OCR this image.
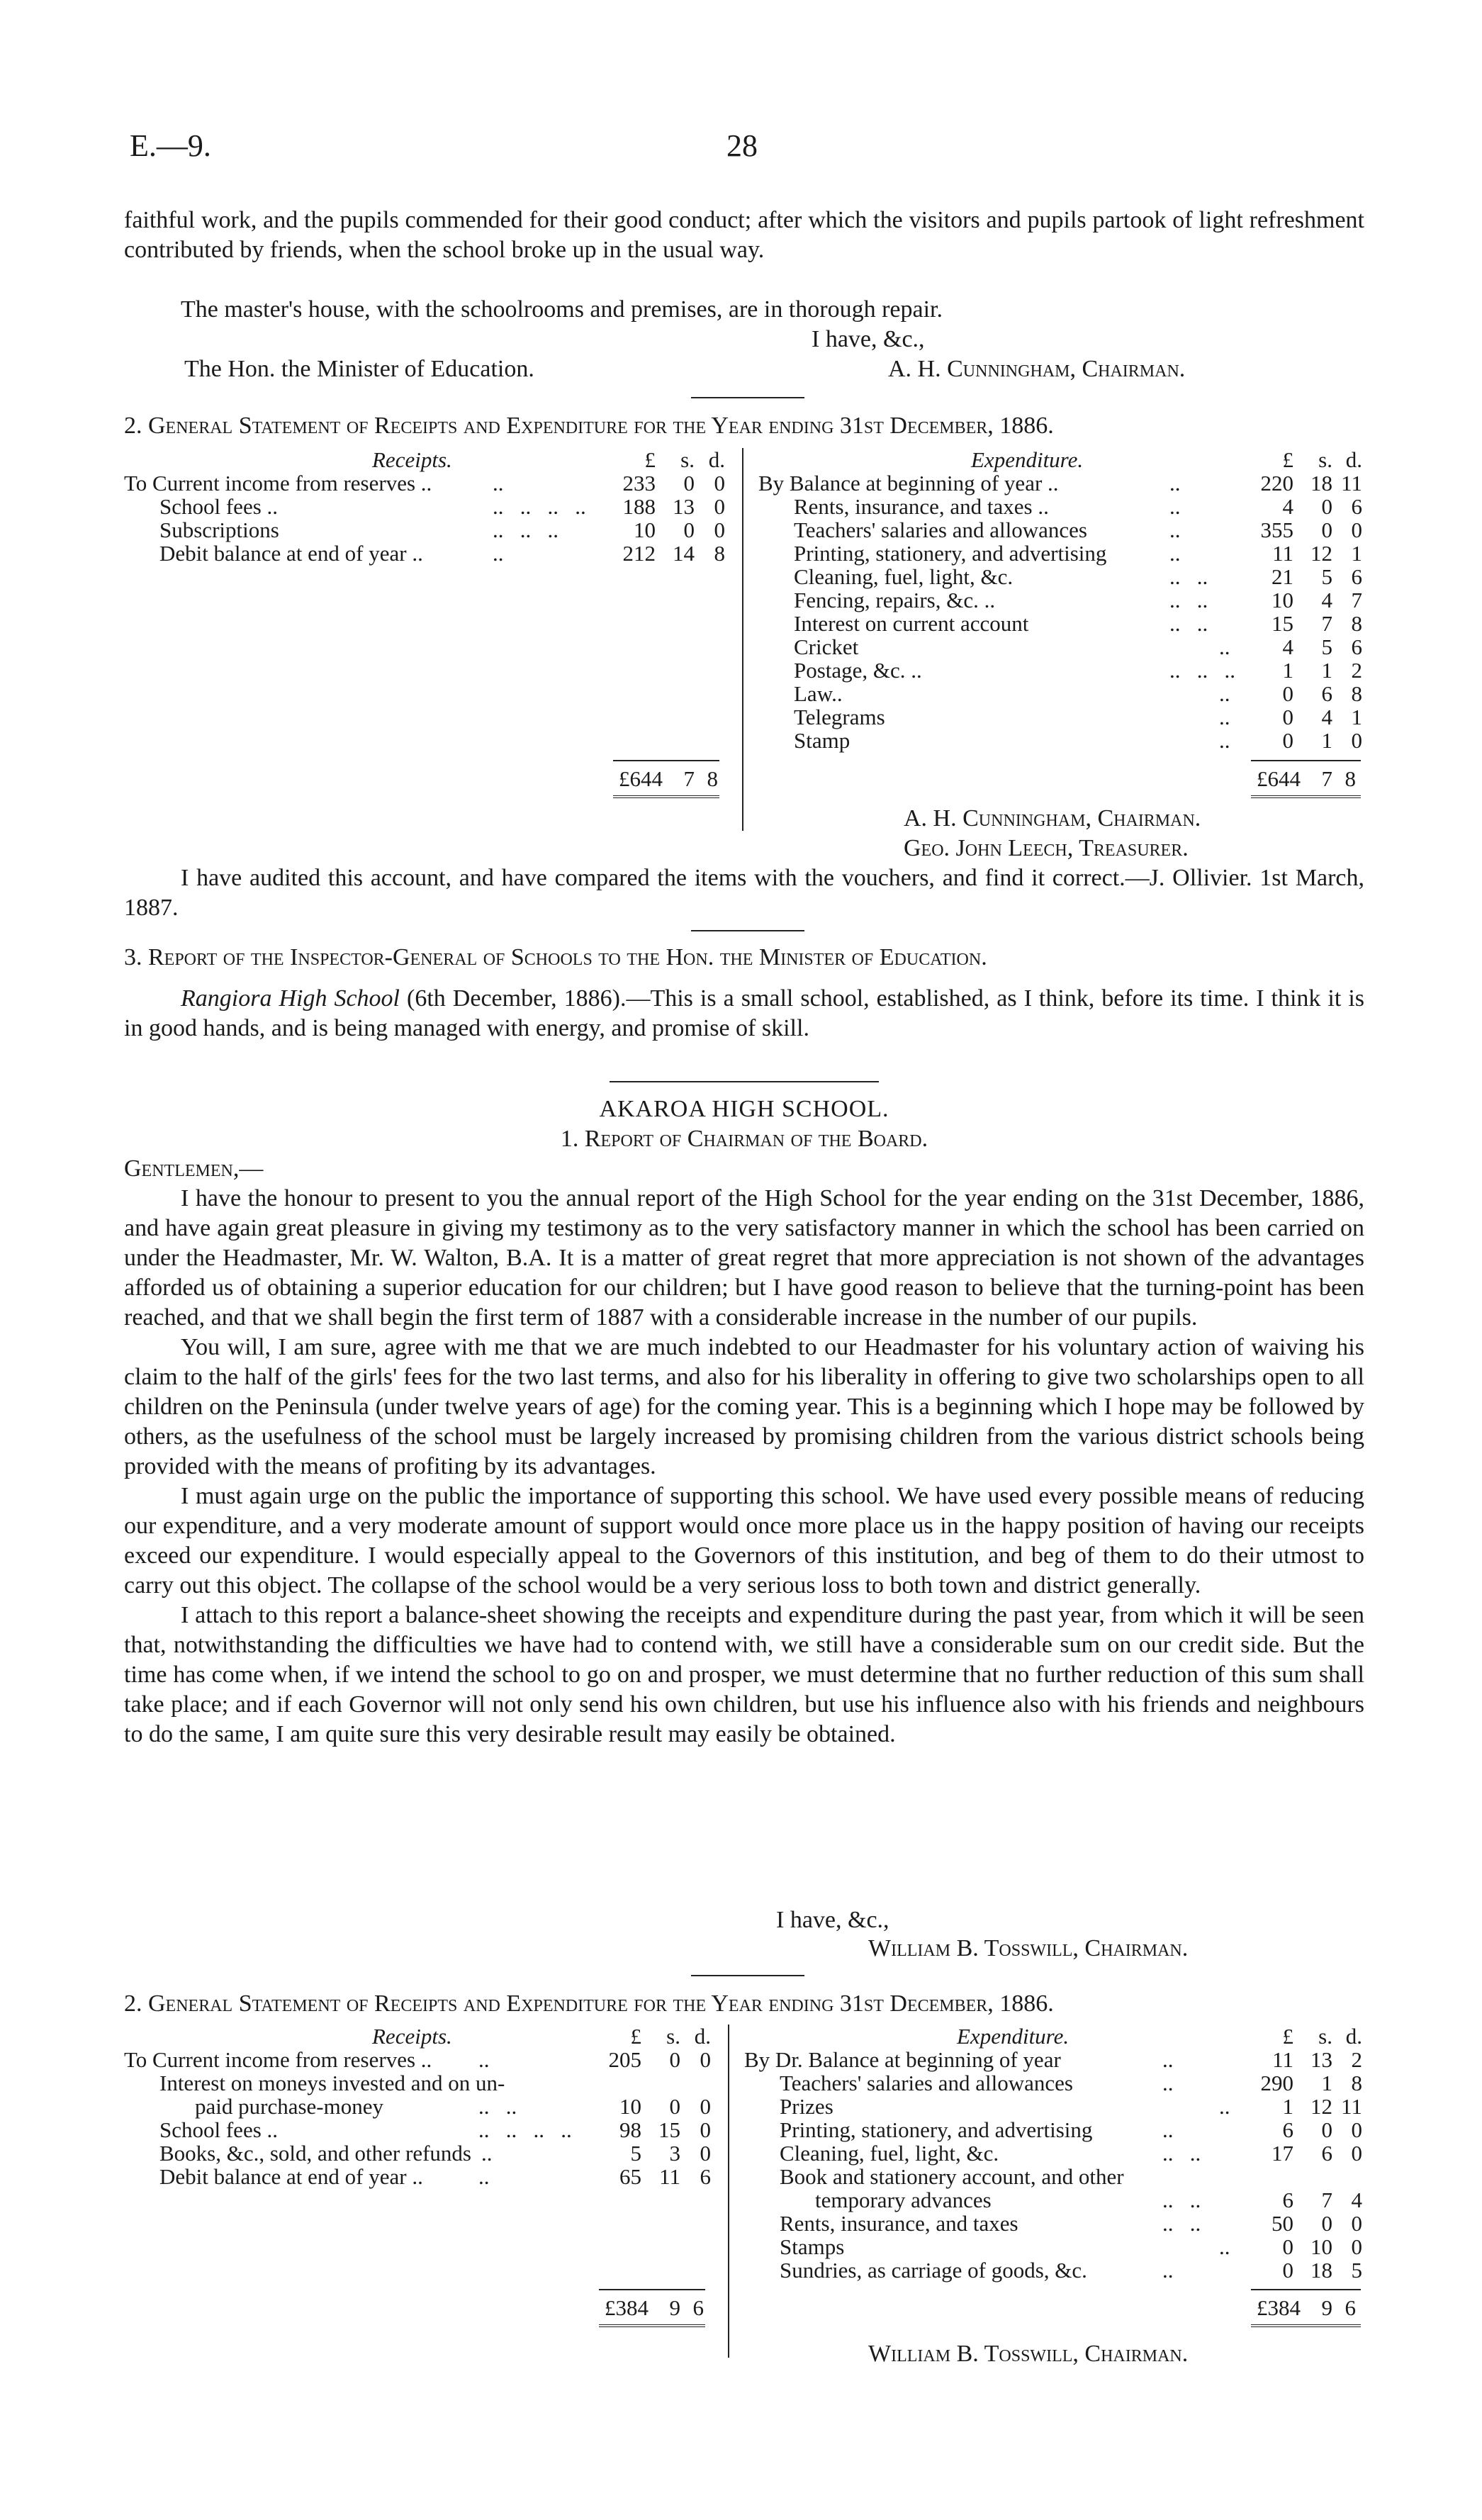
E.—9.	28
faithful work, and the pupils commended for their good conduct; after which the visitors and pupils partook of light refreshment contributed by friends, when the school broke up in the usual way.
The master's house, with the schoolrooms and premises, are in thorough repair.
I have, &c.,
The Hon. the Minister of Education.	A. H. Cunningham, Chairman.
2. General Statement of Receipts and Expenditure for the Year ending 31st December, 1886.
Receipts.	£	s. d.
To Current income from reserves ..	..	233	0 0
School fees ..	..   ..   ..   .. 188 13 0
Subscriptions	..   ..   ..	10	0 0
Debit balance at end of year ..	..	212 14 8
Expenditure.	£	s. d.
By Balance at beginning of year ..	..	220 18 11
Rents, insurance, and taxes ..	..	4	0 6
Teachers' salaries and allowances	..	355	0 0
Printing, stationery, and advertising	..	11 12 1
Cleaning, fuel, light, &c.	..   ..	21	5 6
Fencing, repairs, &c. ..	..   ..	10	4 7
Interest on current account	..   ..	15	7 8
Cricket	..	4	5 6
Postage, &c. ..	..   ..   ..	1	1 2
Law..	..	0	6 8
Telegrams	..	0	4 1
Stamp	..	0	1 0
£644 7 8	£644 7 8
A. H. Cunningham, Chairman.
Geo. John Leech, Treasurer.
I have audited this account, and have compared the items with the vouchers, and find it correct.—J. Ollivier. 1st March, 1887.
3. Report of the Inspector-General of Schools to the Hon. the Minister of Education.
Rangiora High School (6th December, 1886).—This is a small school, established, as I think, before its time. I think it is in good hands, and is being managed with energy, and promise of skill.
AKAROA HIGH SCHOOL.
1. Report of Chairman of the Board.
Gentlemen,—

I have the honour to present to you the annual report of the High School for the year ending on the 31st December, 1886, and have again great pleasure in giving my testimony as to the very satisfactory manner in which the school has been carried on under the Headmaster, Mr. W. Walton, B.A. It is a matter of great regret that more appreciation is not shown of the advantages afforded us of obtaining a superior education for our children; but I have good reason to believe that the turning-point has been reached, and that we shall begin the first term of 1887 with a considerable increase in the number of our pupils.

You will, I am sure, agree with me that we are much indebted to our Headmaster for his voluntary action of waiving his claim to the half of the girls' fees for the two last terms, and also for his liberality in offering to give two scholarships open to all children on the Peninsula (under twelve years of age) for the coming year. This is a beginning which I hope may be followed by others, as the usefulness of the school must be largely increased by promising children from the various district schools being provided with the means of profiting by its advantages.

I must again urge on the public the importance of supporting this school. We have used every possible means of reducing our expenditure, and a very moderate amount of support would once more place us in the happy position of having our receipts exceed our expenditure. I would especially appeal to the Governors of this institution, and beg of them to do their utmost to carry out this object. The collapse of the school would be a very serious loss to both town and district generally.

I attach to this report a balance-sheet showing the receipts and expenditure during the past year, from which it will be seen that, notwithstanding the difficulties we have had to contend with, we still have a considerable sum on our credit side. But the time has come when, if we intend the school to go on and prosper, we must determine that no further reduction of this sum shall take place; and if each Governor will not only send his own children, but use his influence also with his friends and neighbours to do the same, I am quite sure this very desirable result may easily be obtained.

I have, &c.,
William B. Tosswill, Chairman.
2. General Statement of Receipts and Expenditure for the Year ending 31st December, 1886.
Receipts.	£	s. d.
To Current income from reserves .. ..	205	0 0
Interest on moneys invested and on un-
paid purchase-money	..   ..	10	0 0
School fees ..	..   ..   ..   ..	98 15 0
Books, &c., sold, and other refunds ..	5	3 0
Debit balance at end of year ..	..	65 11 6
Expenditure.	£	s. d.
By Dr. Balance at beginning of year	..	11 13 2
Teachers' salaries and allowances	..	290	1 8
Prizes	..	1 12 11
Printing, stationery, and advertising	..	6	0 0
Cleaning, fuel, light, &c.	..   ..	17	6 0
Book and stationery account, and other
temporary advances	..   ..	6	7 4
Rents, insurance, and taxes	..   ..	50	0 0
Stamps	..	0 10 0
Sundries, as carriage of goods, &c.	..	0 18 5
£384 9 6	£384 9 6
William B. Tosswill, Chairman.
